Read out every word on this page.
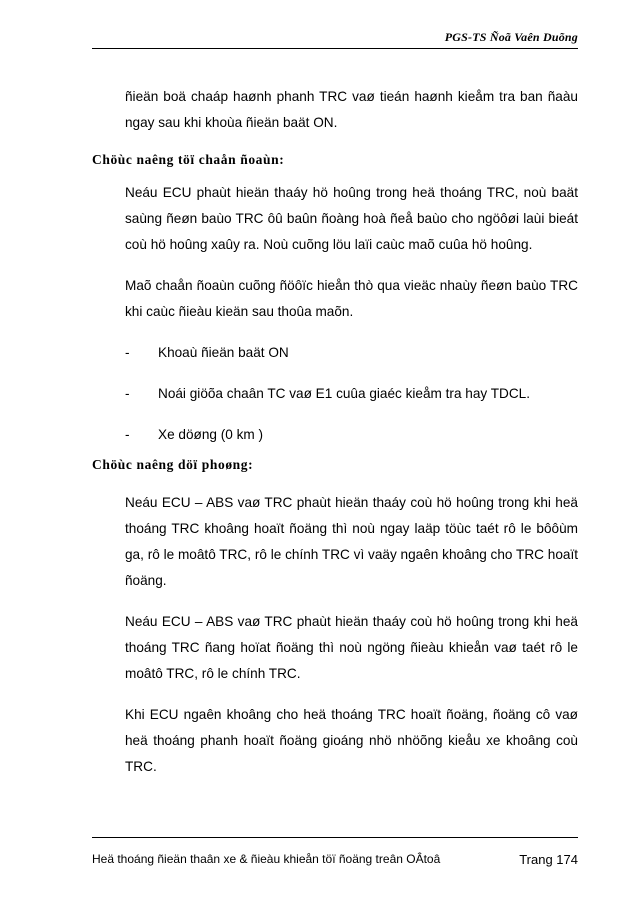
PGS-TS Ñoã Vaên Duõng

ñieän boä chaáp haønh phanh TRC vaø tieán haønh kieåm tra ban ñaàu ngay sau khi khoùa ñieän baät ON.

Chöùc naêng töï chaån ñoaùn:

Neáu ECU phaùt hieän thaáy hö hoûng trong heä thoáng TRC, noù baät saùng ñeøn baùo TRC ôû baûn ñoàng hoà ñeå baùo cho ngöôøi laùi bieát coù hö hoûng xaûy ra. Noù cuõng löu laïi caùc maõ cuûa hö hoûng.

Maõ chaån ñoaùn cuõng ñöôïc hieån thò qua vieäc nhaùy ñeøn baùo TRC khi caùc ñieàu kieän sau thoûa maõn.

-	Khoaù ñieän baät ON
-	Noái giöõa chaân TC vaø E1 cuûa giaéc kieåm tra hay TDCL.
-	Xe döøng (0 km )
Chöùc naêng döï phoøng:

Neáu ECU – ABS vaø TRC phaùt hieän thaáy coù hö hoûng trong khi heä thoáng TRC khoâng hoaït ñoäng thì noù ngay laäp töùc taét rô le bôôùm ga, rô le moâtô TRC, rô le chính TRC vì vaäy ngaên khoâng cho TRC hoaït ñoäng.

Neáu ECU – ABS vaø TRC phaùt hieän thaáy coù hö hoûng trong khi heä thoáng TRC ñang hoïat ñoäng thì noù ngöng ñieàu khieån vaø taét rô le moâtô TRC, rô le chính TRC.

Khi ECU ngaên khoâng cho heä thoáng TRC hoaït ñoäng, ñoäng cô vaø heä thoáng phanh hoaït ñoäng gioáng nhö nhöõng kieåu xe khoâng coù TRC.

Heä thoáng ñieän thaân xe & ñieàu khieån töï ñoäng treân OÂtoâ	Trang 174
